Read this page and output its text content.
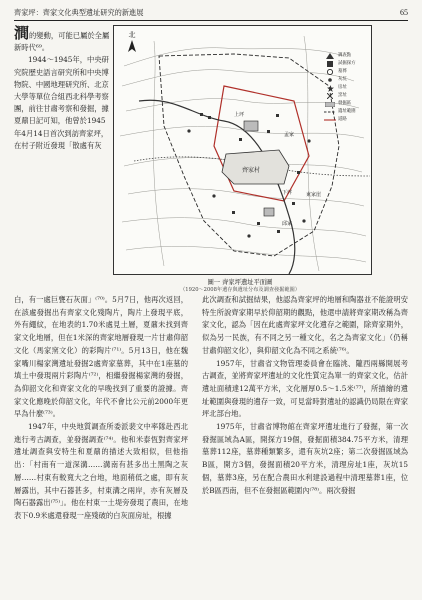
齊家坪：齊家文化典型遺址研究的新進展	65

澗的變動，可能已屬於全屬新時代⁶⁹。

1944～1945年，中央研究院歷史語言研究所和中央博物院、中國地理研究所、北京大學等單位合組西北科學考察團，前往甘肅考察和發掘，據夏鼐日記可知，他曾於1945年4月14日首次到訪齊家坪，在村子附近發現「散處有灰

北
齊家村
上坪
下坪	東家崖
孟家
邱家
調查點
試掘探方
墓葬
灰坑
房址
窯址
發掘區
遺址範圍
道路
圖一 齊家坪遺址平面圖
（1920～2008年遺存與遺址分布及調查發掘範圍）

白，有一處巨甕石灰面」⁽⁷⁰⁾。5月7日，他再次返回，在該處發掘出有齊家文化殘陶片，陶片上發現平底，外有繩紋，在地表的1.70米處見土層，夏鼐未找到齊家文化地層，但在1米深的齊家地層發現一片甘肅仰韶文化（馬家窯文化）的彩陶片⁽⁷¹⁾。5月13日，他在魏家嘴川楊家灣遺址發掘2處齊家墓葬，其中在1座墓的填土中發現兩片彩陶片⁽⁷²⁾，相繼發掘楊家灣的發掘，為仰韶文化和齊家文化的早晚找到了重要的證據。齊家文化應晚於仰韶文化，年代不會比公元前2000年更早為什麼⁽⁷³⁾。

1947年，中央地質調查所委派裴文中率隊赴西北進行考古調查，並發掘調查⁽⁷⁴⁾。他和米泰恆對齊家坪遺址調查與安特生和夏鼐的描述大致相似，但他指出：「村南有一道深溝……溝南有甚多出土黑陶之灰層……村東有較寬大之台地，地面稍低之處，即有灰層露出，其中石器甚多，村東溝之兩岸，亦有灰層及陶石器露出⁽⁷⁵⁾」。他在村東一土堤旁發現了農田，在地表下0.9米處還發現一座殘破的白灰面房址，根據

此次調查和試掘結果，他認為齊家坪的地層和陶器並不能證明安特生所說齊家期早於仰韶期的觀點，他還申請將齊家期改稱為齊家文化，認為「因在此處齊家坪文化遺存之範圍，除齊家期外，似為另一民族，有不同之另一種文化，名之為齊家文化」（仍稱甘肅仰韶文化），與仰韶文化為不同之系統⁽⁷⁶⁾。

1957年，甘肅省文物管理委員會在臨洮、隴西兩縣開展考古調查，並將齊家坪遺址的文化性質定為單一的齊家文化，估計遺址面積達12萬平方米，文化層厚0.5～1.5米⁽⁷⁷⁾，所描繪的遺址範圍與發現的遺存一致，可見當時對遺址的認識仍局限在齊家坪北部台地。

1975年，甘肅省博物館在齊家坪遺址進行了發掘，第一次發掘區域為A區，開探方19個，發掘面積384.75平方米，清理墓葬112座，墓葬種類繁多，還有灰坑2座；第二次發掘區域為B區，開方3個，發掘面積20平方米，清理房址1座，灰坑15個，墓葬3座，另在配合農田水利建設過程中清理墓葬1座，位於B區西南，但不在發掘區範圍內⁽⁷⁸⁾。兩次發掘
